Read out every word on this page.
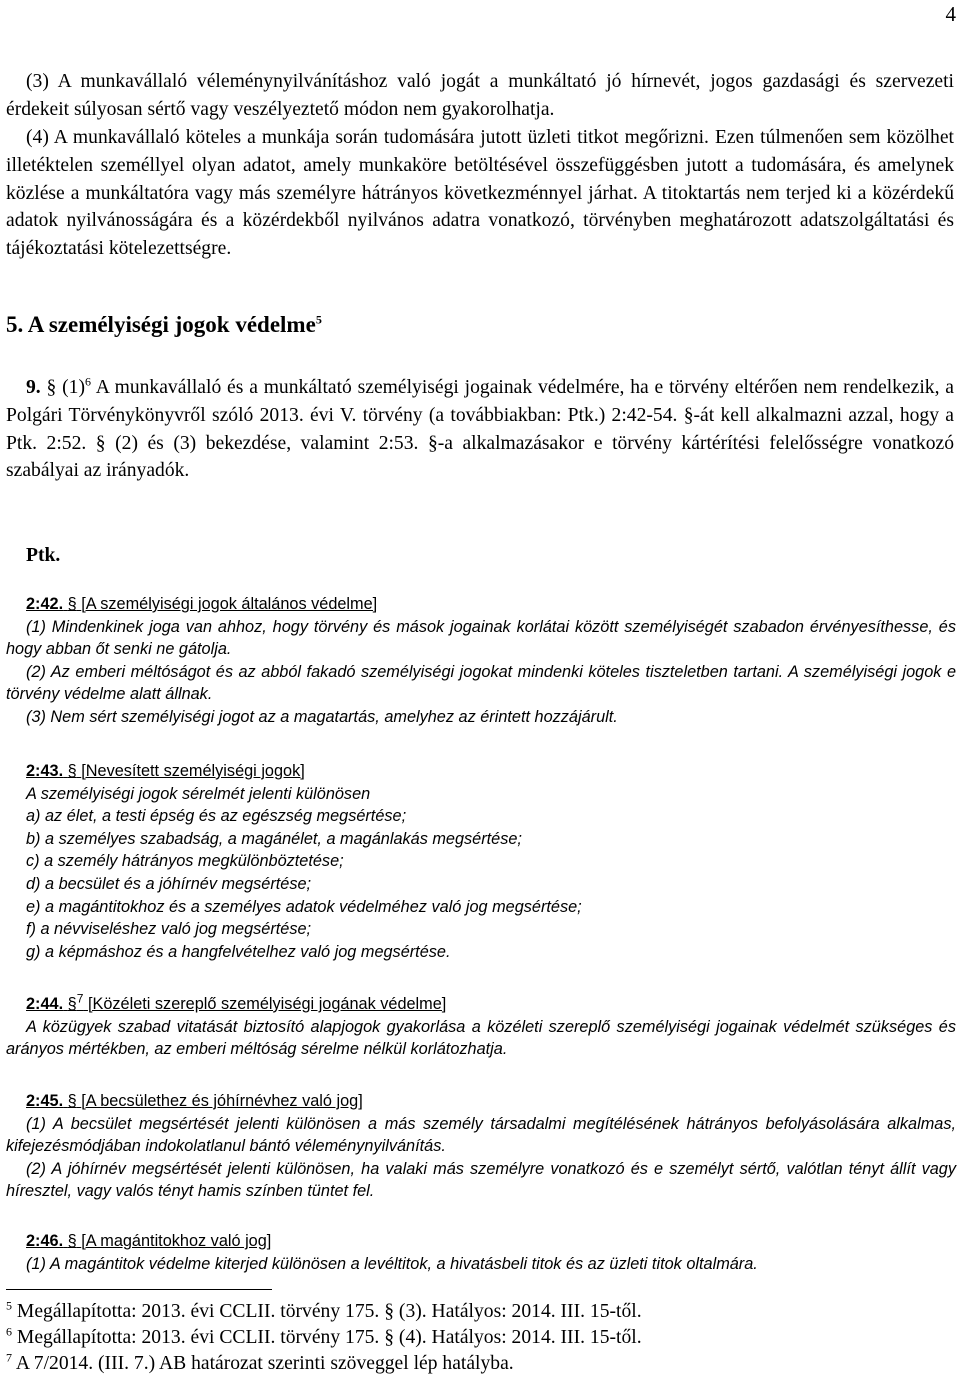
4
(3) A munkavállaló véleménynyilvánításhoz való jogát a munkáltató jó hírnevét, jogos gazdasági és szervezeti érdekeit súlyosan sértő vagy veszélyeztető módon nem gyakorolhatja.
(4) A munkavállaló köteles a munkája során tudomására jutott üzleti titkot megőrizni. Ezen túlmenően sem közölhet illetéktelen személlyel olyan adatot, amely munkaköre betöltésével összefüggésben jutott a tudomására, és amelynek közlése a munkáltatóra vagy más személyre hátrányos következménnyel járhat. A titoktartás nem terjed ki a közérdekű adatok nyilvánosságára és a közérdekből nyilvános adatra vonatkozó, törvényben meghatározott adatszolgáltatási és tájékoztatási kötelezettségre.
5. A személyiségi jogok védelme$^5$
9. § $(1)^6$ A munkavállaló és a munkáltató személyiségi jogainak védelmére, ha e törvény eltérően nem rendelkezik, a Polgári Törvénykönyvről szóló 2013. évi V. törvény (a továbbiakban: Ptk.) 2:42-54. §-át kell alkalmazni azzal, hogy a Ptk. 2:52. § (2) és (3) bekezdése, valamint 2:53. §-a alkalmazásakor e törvény kártérítési felelősségre vonatkozó szabályai az irányadók.
Ptk.

2:42. § [A személyiségi jogok általános védelme]

(1) Mindenkinek joga van ahhoz, hogy törvény és mások jogainak korlátai között személyiségét szabadon érvényesíthesse, és hogy abban őt senki ne gátolja.

(2) Az emberi méltóságot és az abból fakadó személyiségi jogokat mindenki köteles tiszteletben tartani. A személyiségi jogok e törvény védelme alatt állnak.

(3) Nem sért személyiségi jogot az a magatartás, amelyhez az érintett hozzájárult.

2:43. § [Nevesített személyiségi jogok]

A személyiségi jogok sérelmét jelenti különösen

a) az élet, a testi épség és az egészség megsértése;

b) a személyes szabadság, a magánélet, a magánlakás megsértése;

c) a személy hátrányos megkülönböztetése;

d) a becsület és a jóhírnév megsértése;

e) a magántitokhoz és a személyes adatok védelméhez való jog megsértése;

f) a névviseléshez való jog megsértése;

g) a képmáshoz és a hangfelvételhez való jog megsértése.

2:44. §$^7$ [Közéleti szereplő személyiségi jogának védelme]

A közügyek szabad vitatását biztosító alapjogok gyakorlása a közéleti szereplő személyiségi jogainak védelmét szükséges és arányos mértékben, az emberi méltóság sérelme nélkül korlátozhatja.

2:45. § [A becsülethez és jóhírnévhez való jog]

(1) A becsület megsértését jelenti különösen a más személy társadalmi megítélésének hátrányos befolyásolására alkalmas, kifejezésmódjában indokolatlanul bántó véleménynyilvánítás.

(2) A jóhírnév megsértését jelenti különösen, ha valaki más személyre vonatkozó és e személyt sértő, valótlan tényt állít vagy híresztel, vagy valós tényt hamis színben tüntet fel.

2:46. § [A magántitokhoz való jog]

(1) A magántitok védelme kiterjed különösen a levéltitok, a hivatásbeli titok és az üzleti titok oltalmára.

$^5$ Megállapította: 2013. évi CCLII. törvény 175. § (3). Hatályos: 2014. III. 15-től.
$^6$ Megállapította: 2013. évi CCLII. törvény 175. § (4). Hatályos: 2014. III. 15-től.
$^7$ A 7/2014. (III. 7.) AB határozat szerinti szöveggel lép hatályba.
